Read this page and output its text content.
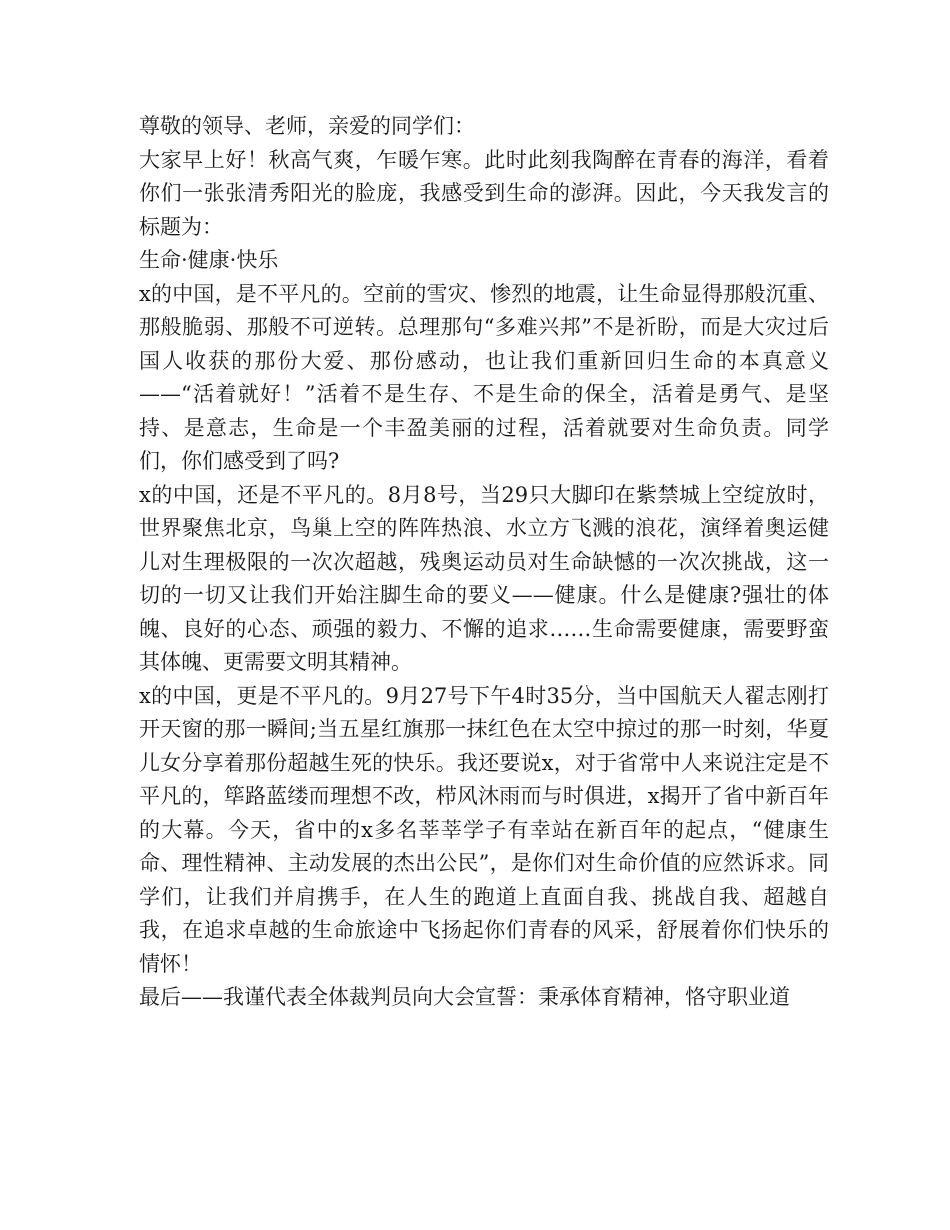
尊敬的领导、老师，亲爱的同学们：

大家早上好！秋高气爽，乍暖乍寒。此时此刻我陶醉在青春的海洋，看着你们一张张清秀阳光的脸庞，我感受到生命的澎湃。因此，今天我发言的标题为：

生命·健康·快乐

x的中国，是不平凡的。空前的雪灾、惨烈的地震，让生命显得那般沉重、那般脆弱、那般不可逆转。总理那句“多难兴邦”不是祈盼，而是大灾过后国人收获的那份大爱、那份感动，也让我们重新回归生命的本真意义——“活着就好！”活着不是生存、不是生命的保全，活着是勇气、是坚持、是意志，生命是一个丰盈美丽的过程，活着就要对生命负责。同学们，你们感受到了吗?

x的中国，还是不平凡的。8月8号，当29只大脚印在紫禁城上空绽放时，世界聚焦北京，鸟巢上空的阵阵热浪、水立方飞溅的浪花，演绎着奥运健儿对生理极限的一次次超越，残奥运动员对生命缺憾的一次次挑战，这一切的一切又让我们开始注脚生命的要义——健康。什么是健康?强壮的体魄、良好的心态、顽强的毅力、不懈的追求……生命需要健康，需要野蛮其体魄、更需要文明其精神。

x的中国，更是不平凡的。9月27号下午4时35分，当中国航天人翟志刚打开天窗的那一瞬间;当五星红旗那一抹红色在太空中掠过的那一时刻，华夏儿女分享着那份超越生死的快乐。我还要说x，对于省常中人来说注定是不平凡的，筚路蓝缕而理想不改，栉风沐雨而与时俱进，x揭开了省中新百年的大幕。今天，省中的x多名莘莘学子有幸站在新百年的起点，“健康生命、理性精神、主动发展的杰出公民”，是你们对生命价值的应然诉求。同学们，让我们并肩携手，在人生的跑道上直面自我、挑战自我、超越自我，在追求卓越的生命旅途中飞扬起你们青春的风采，舒展着你们快乐的情怀！

最后——我谨代表全体裁判员向大会宣誓：秉承体育精神，恪守职业道
